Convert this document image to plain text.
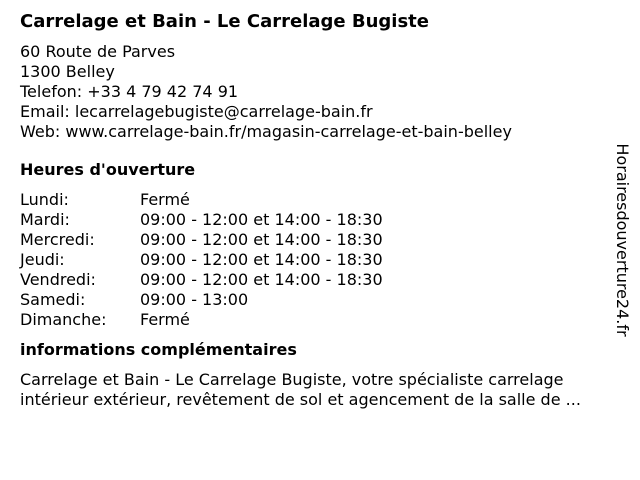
Carrelage et Bain - Le Carrelage Bugiste
60 Route de Parves
1300 Belley
Telefon: +33 4 79 42 74 91
Email: lecarrelagebugiste@carrelage-bain.fr
Web: www.carrelage-bain.fr/magasin-carrelage-et-bain-belley
Heures d'ouverture
Lundi:	Fermé
Mardi:	09:00 - 12:00 et 14:00 - 18:30
Mercredi:	09:00 - 12:00 et 14:00 - 18:30
Jeudi:	09:00 - 12:00 et 14:00 - 18:30
Vendredi:	09:00 - 12:00 et 14:00 - 18:30
Samedi:	09:00 - 13:00
Dimanche:	Fermé
informations complémentaires
Carrelage et Bain - Le Carrelage Bugiste, votre spécialiste carrelage
intérieur extérieur, revêtement de sol et agencement de la salle de ...
Horairesdouverture24.fr
